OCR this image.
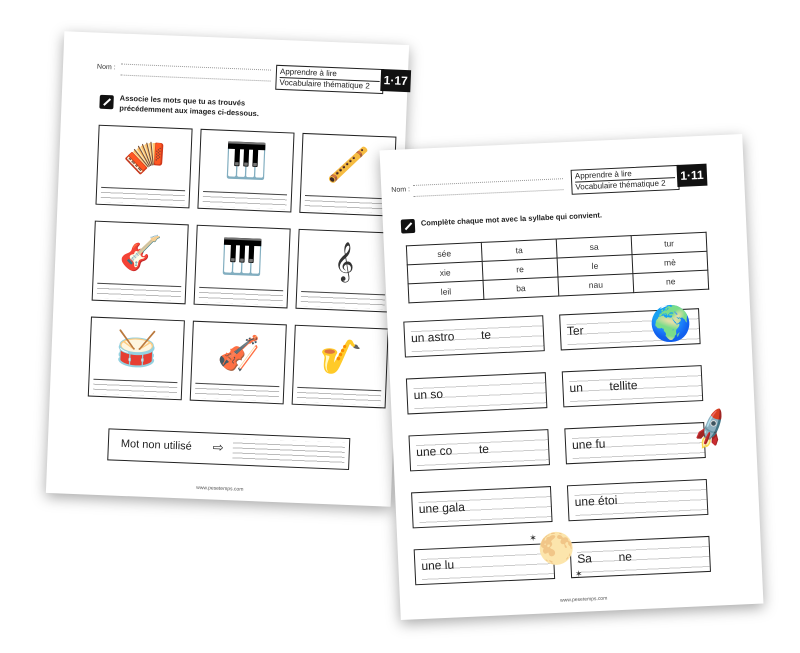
Nom :	Apprendre à lire
Vocabulaire thématique 2	1·17
Associe les mots que tu as trouvés
précédemment aux images ci-dessous.
🪗	🎹	🪈
🎸	🎹	𝄞
🥁	🎻	🎷
Mot non utilisé ⇨
www.pesetemps.com
Nom :
Apprendre à lire
Vocabulaire thématique 2
1·11
Complète chaque mot avec la syllabe qui convient.
sée	ta	sa	tur
xie	re	le	mè
leil	ba	nau	ne
un astro        te
un so
une co        te
une gala
une lu
Ter
un        tellite
une fu
une étoi
Sa        ne
🌍
🚀
🌕
✶
✶
www.pesetemps.com
